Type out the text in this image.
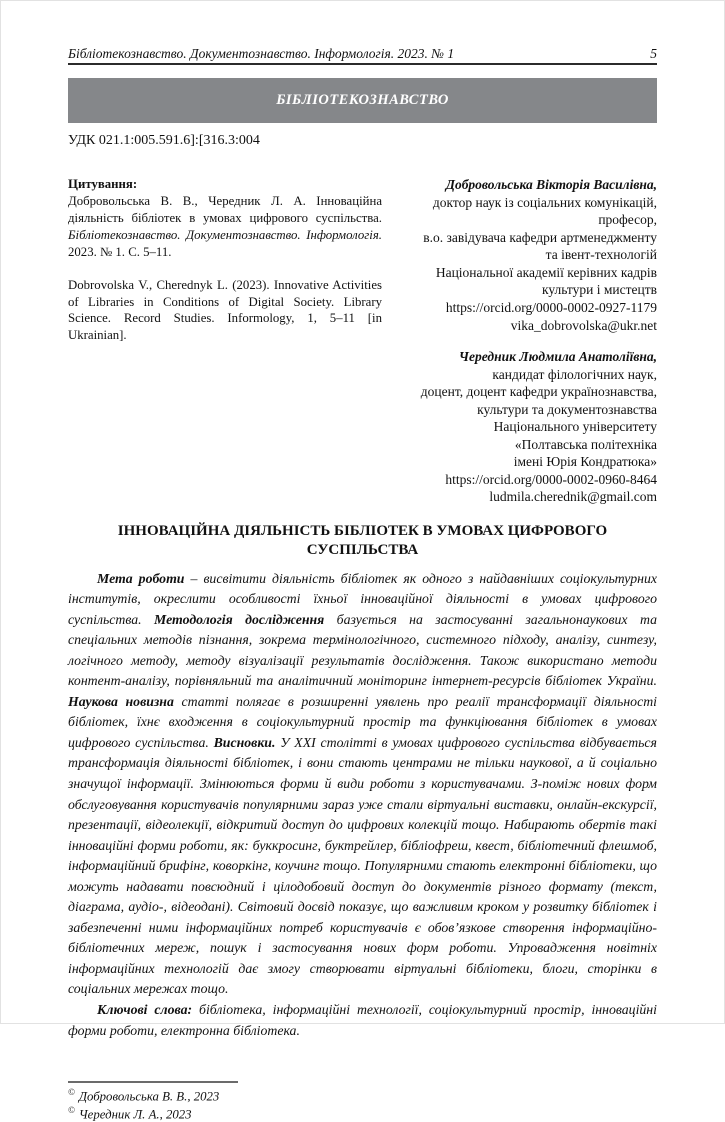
Бібліотекознавство. Документознавство. Інформологія. 2023. № 1	5
БІБЛІОТЕКОЗНАВСТВО
УДК 021.1:005.591.6]:[316.3:004
Цитування:
Добровольська В. В., Чередник Л. А. Інноваційна діяльність бібліотек в умовах цифрового суспільства. Бібліотекознавство. Документознавство. Інформологія. 2023. № 1. С. 5–11.
Dobrovolska V., Cherednyk L. (2023). Innovative Activities of Libraries in Conditions of Digital Society. Library Science. Record Studies. Informology, 1, 5–11 [in Ukrainian].
Добровольська Вікторія Василівна,
доктор наук із соціальних комунікацій, професор,
в.о. завідувача кафедри артменеджменту
та івент-технологій
Національної академії керівних кадрів
культури і мистецтв
https://orcid.org/0000-0002-0927-1179
vika_dobrovolska@ukr.net
Чередник Людмила Анатоліївна,
кандидат філологічних наук,
доцент, доцент кафедри українознавства,
культури та документознавства
Національного університету
«Полтавська політехніка
імені Юрія Кондратюка»
https://orcid.org/0000-0002-0960-8464
ludmila.cherednik@gmail.com
ІННОВАЦІЙНА ДІЯЛЬНІСТЬ БІБЛІОТЕК В УМОВАХ ЦИФРОВОГО СУСПІЛЬСТВА

Мета роботи – висвітити діяльність бібліотек як одного з найдавніших соціокультурних інститутів, окреслити особливості їхньої інноваційної діяльності в умовах цифрового суспільства. Методологія дослідження базується на застосуванні загальнонаукових та спеціальних методів пізнання, зокрема термінологічного, системного підходу, аналізу, синтезу, логічного методу, методу візуалізації результатів дослідження. Також використано методи контент-аналізу, порівняльний та аналітичний моніторинг інтернет-ресурсів бібліотек України. Наукова новизна статті полягає в розширенні уявлень про реалії трансформації діяльності бібліотек, їхнє входження в соціокультурний простір та функціювання бібліотек в умовах цифрового суспільства. Висновки. У XXI столітті в умовах цифрового суспільства відбувається трансформація діяльності бібліотек, і вони стають центрами не тільки наукової, а й соціально значущої інформації. Змінюються форми й види роботи з користувачами. З-поміж нових форм обслуговування користувачів популярними зараз уже стали віртуальні виставки, онлайн-екскурсії, презентації, відеолекції, відкритий доступ до цифрових колекцій тощо. Набирають обертів такі інноваційні форми роботи, як: буккросинг, буктрейлер, бібліофреш, квест, бібліотечний флешмоб, інформаційний брифінг, коворкінг, коучинг тощо. Популярними стають електронні бібліотеки, що можуть надавати повсюдний і цілодобовий доступ до документів різного формату (текст, діаграма, аудіо-, відеодані). Світовий досвід показує, що важливим кроком у розвитку бібліотек і забезпеченні ними інформаційних потреб користувачів є обов’язкове створення інформаційно-бібліотечних мереж, пошук і застосування нових форм роботи. Упровадження новітніх інформаційних технологій дає змогу створювати віртуальні бібліотеки, блоги, сторінки в соціальних мережах тощо.

Ключові слова: бібліотека, інформаційні технології, соціокультурний простір, інноваційні форми роботи, електронна бібліотека.

© Добровольська В. В., 2023
© Чередник Л. А., 2023
